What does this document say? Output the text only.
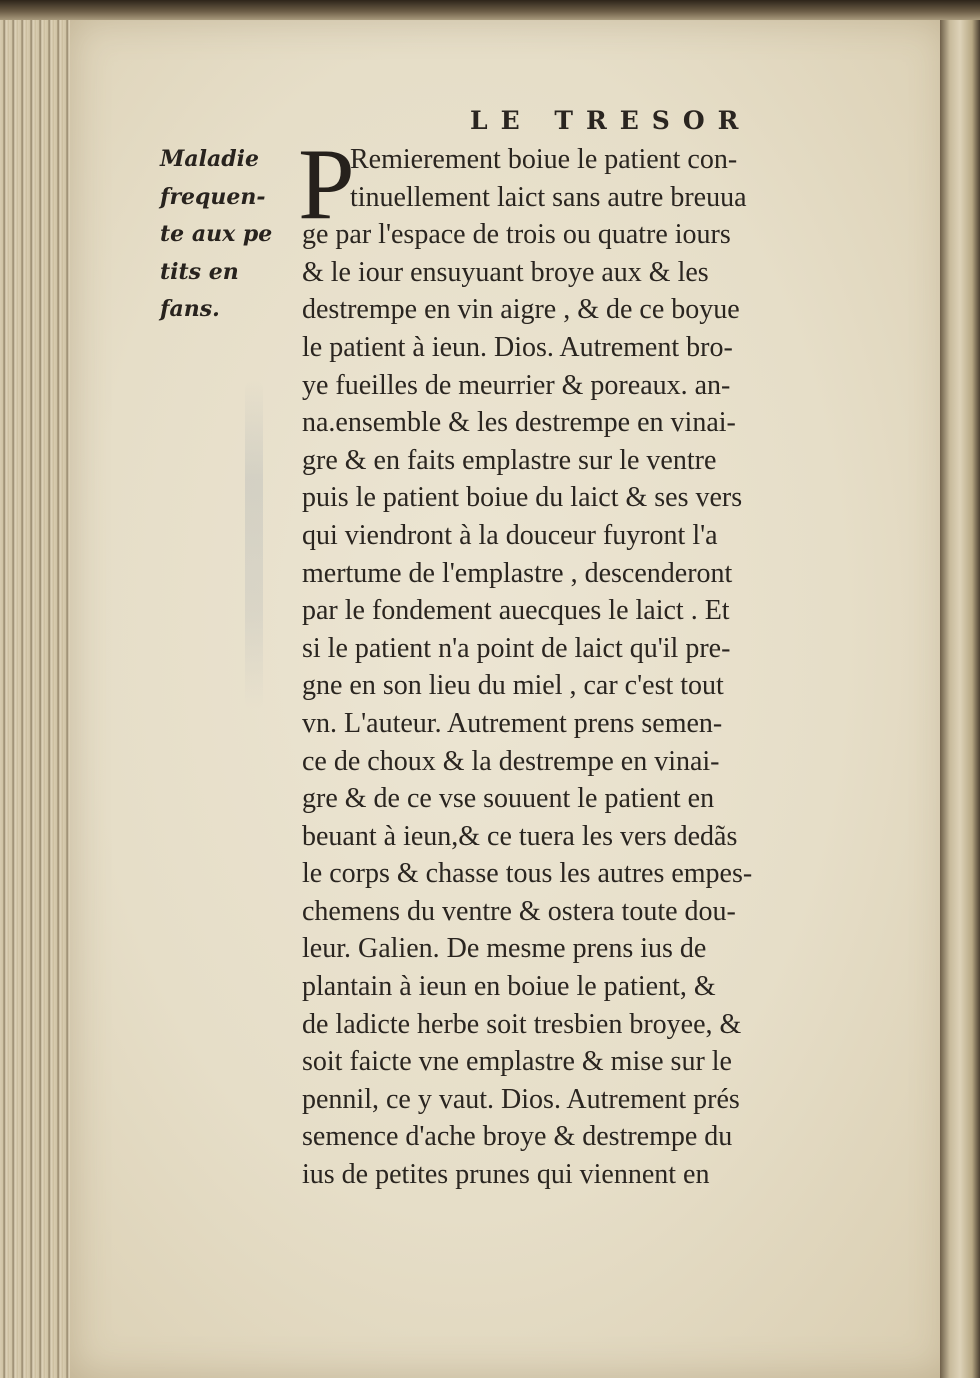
LE TRESOR
Maladie
frequen-
te aux pe
tits en
fans.
P
Remierement boiue le patient con-
tinuellement laict sans autre breuua
ge par l'espace de trois ou quatre iours
& le iour ensuyuant broye aux & les
destrempe en vin aigre , & de ce boyue
le patient à ieun. Dios. Autrement bro-
ye fueilles de meurrier & poreaux. an-
na.ensemble & les destrempe en vinai-
gre & en faits emplastre sur le ventre
puis le patient boiue du laict & ses vers
qui viendront à la douceur fuyront l'a
mertume de l'emplastre , descenderont
par le fondement auecques le laict . Et
si le patient n'a point de laict qu'il pre-
gne en son lieu du miel , car c'est tout
vn. L'auteur. Autrement prens semen-
ce de choux & la destrempe en vinai-
gre & de ce vse souuent le patient en
beuant à ieun,& ce tuera les vers dedãs
le corps & chasse tous les autres empes-
chemens du ventre & ostera toute dou-
leur. Galien. De mesme prens ius de
plantain à ieun en boiue le patient, &
de ladicte herbe soit tresbien broyee, &
soit faicte vne emplastre & mise sur le
pennil, ce y vaut. Dios. Autrement prés
semence d'ache broye & destrempe du
ius de petites prunes qui viennent en
